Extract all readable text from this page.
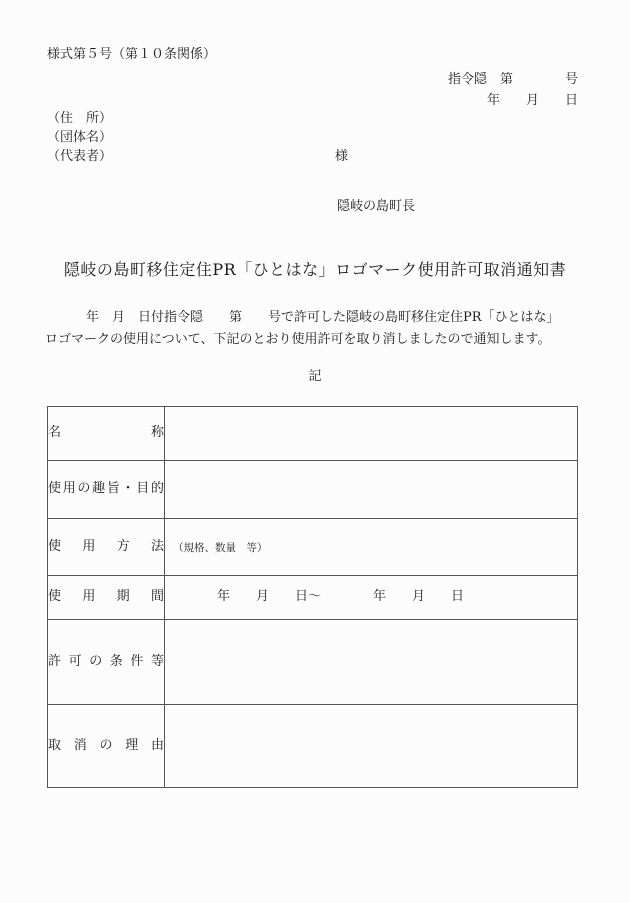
様式第５号（第１０条関係）
指令隠　第　　　　号
年　　月　　日
（住　所）
（団体名）
（代表者）	様
隠岐の島町長
隠岐の島町移住定住PR「ひとはな」ロゴマーク使用許可取消通知書
　　　年　月　日付指令隠　　第　　号で許可した隠岐の島町移住定住PR「ひとはな」
ロゴマークの使用について、下記のとおり使用許可を取り消しましたので通知します。
記
名称	
使用の趣旨・目的	
使用方法	（規格、数量　等）

使用期間	　　　　年　　月　　日～　　　　年　　月　　日
許可の条件等	
取消の理由	
